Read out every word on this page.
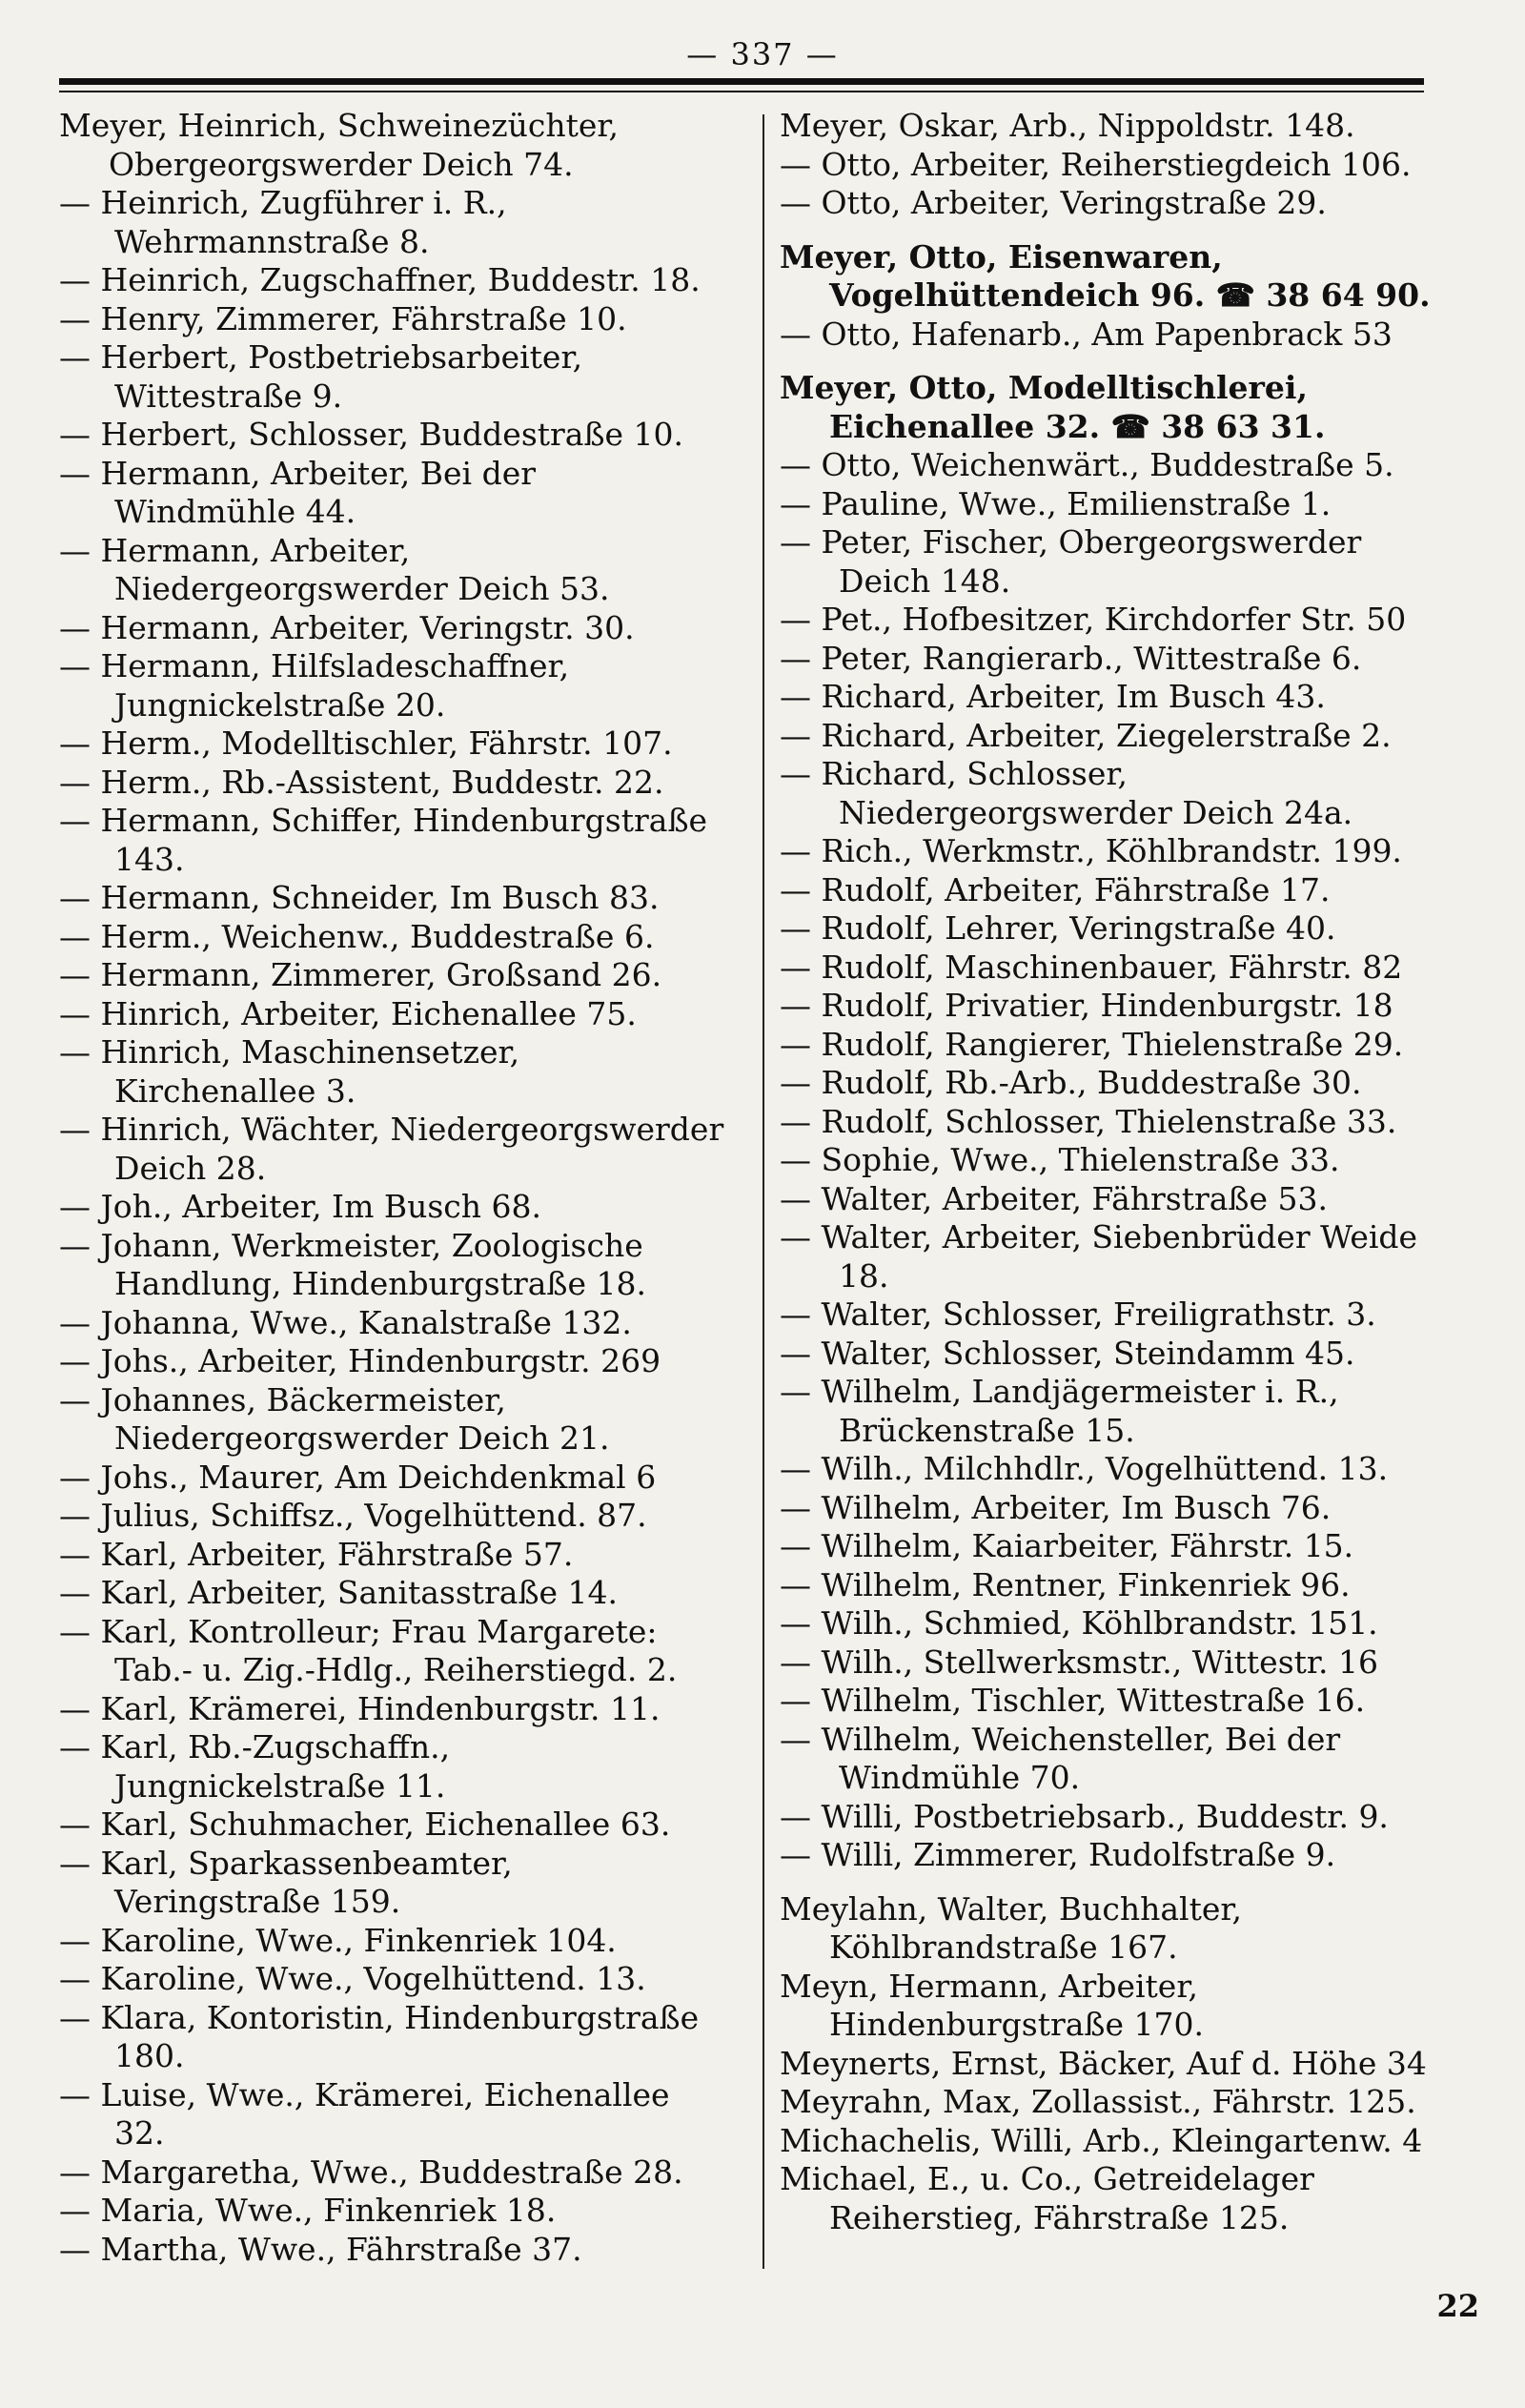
— 337 —
Meyer, Heinrich, Schweinezüchter, Obergeorgswerder Deich 74.
— Heinrich, Zugführer i. R., Wehrmannstraße 8.
— Heinrich, Zugschaffner, Buddestr. 18.
— Henry, Zimmerer, Fährstraße 10.
— Herbert, Postbetriebsarbeiter, Wittestraße 9.
— Herbert, Schlosser, Buddestraße 10.
— Hermann, Arbeiter, Bei der Windmühle 44.
— Hermann, Arbeiter, Niedergeorgswerder Deich 53.
— Hermann, Arbeiter, Veringstr. 30.
— Hermann, Hilfsladeschaffner, Jungnickelstraße 20.
— Herm., Modelltischler, Fährstr. 107.
— Herm., Rb.-Assistent, Buddestr. 22.
— Hermann, Schiffer, Hindenburgstraße 143.
— Hermann, Schneider, Im Busch 83.
— Herm., Weichenw., Buddestraße 6.
— Hermann, Zimmerer, Großsand 26.
— Hinrich, Arbeiter, Eichenallee 75.
— Hinrich, Maschinensetzer, Kirchenallee 3.
— Hinrich, Wächter, Niedergeorgswerder Deich 28.
— Joh., Arbeiter, Im Busch 68.
— Johann, Werkmeister, Zoologische Handlung, Hindenburgstraße 18.
— Johanna, Wwe., Kanalstraße 132.
— Johs., Arbeiter, Hindenburgstr. 269
— Johannes, Bäckermeister, Niedergeorgswerder Deich 21.
— Johs., Maurer, Am Deichdenkmal 6
— Julius, Schiffsz., Vogelhüttend. 87.
— Karl, Arbeiter, Fährstraße 57.
— Karl, Arbeiter, Sanitasstraße 14.
— Karl, Kontrolleur; Frau Margarete: Tab.- u. Zig.-Hdlg., Reiherstiegd. 2.
— Karl, Krämerei, Hindenburgstr. 11.
— Karl, Rb.-Zugschaffn., Jungnickelstraße 11.
— Karl, Schuhmacher, Eichenallee 63.
— Karl, Sparkassenbeamter, Veringstraße 159.
— Karoline, Wwe., Finkenriek 104.
— Karoline, Wwe., Vogelhüttend. 13.
— Klara, Kontoristin, Hindenburgstraße 180.
— Luise, Wwe., Krämerei, Eichenallee 32.
— Margaretha, Wwe., Buddestraße 28.
— Maria, Wwe., Finkenriek 18.
— Martha, Wwe., Fährstraße 37.
Meyer, Oskar, Arb., Nippoldstr. 148.
— Otto, Arbeiter, Reiherstiegdeich 106.
— Otto, Arbeiter, Veringstraße 29.
Meyer, Otto, Eisenwaren, Vogelhüttendeich 96. ☎ 38 64 90.
— Otto, Hafenarb., Am Papenbrack 53
Meyer, Otto, Modelltischlerei, Eichenallee 32. ☎ 38 63 31.
— Otto, Weichenwärt., Buddestraße 5.
— Pauline, Wwe., Emilienstraße 1.
— Peter, Fischer, Obergeorgswerder Deich 148.
— Pet., Hofbesitzer, Kirchdorfer Str. 50
— Peter, Rangierarb., Wittestraße 6.
— Richard, Arbeiter, Im Busch 43.
— Richard, Arbeiter, Ziegelerstraße 2.
— Richard, Schlosser, Niedergeorgswerder Deich 24a.
— Rich., Werkmstr., Köhlbrandstr. 199.
— Rudolf, Arbeiter, Fährstraße 17.
— Rudolf, Lehrer, Veringstraße 40.
— Rudolf, Maschinenbauer, Fährstr. 82
— Rudolf, Privatier, Hindenburgstr. 18
— Rudolf, Rangierer, Thielenstraße 29.
— Rudolf, Rb.-Arb., Buddestraße 30.
— Rudolf, Schlosser, Thielenstraße 33.
— Sophie, Wwe., Thielenstraße 33.
— Walter, Arbeiter, Fährstraße 53.
— Walter, Arbeiter, Siebenbrüder Weide 18.
— Walter, Schlosser, Freiligrathstr. 3.
— Walter, Schlosser, Steindamm 45.
— Wilhelm, Landjägermeister i. R., Brückenstraße 15.
— Wilh., Milchhdlr., Vogelhüttend. 13.
— Wilhelm, Arbeiter, Im Busch 76.
— Wilhelm, Kaiarbeiter, Fährstr. 15.
— Wilhelm, Rentner, Finkenriek 96.
— Wilh., Schmied, Köhlbrandstr. 151.
— Wilh., Stellwerksmstr., Wittestr. 16
— Wilhelm, Tischler, Wittestraße 16.
— Wilhelm, Weichensteller, Bei der Windmühle 70.
— Willi, Postbetriebsarb., Buddestr. 9.
— Willi, Zimmerer, Rudolfstraße 9.
Meylahn, Walter, Buchhalter, Köhlbrandstraße 167.
Meyn, Hermann, Arbeiter, Hindenburgstraße 170.
Meynerts, Ernst, Bäcker, Auf d. Höhe 34
Meyrahn, Max, Zollassist., Fährstr. 125.
Michachelis, Willi, Arb., Kleingartenw. 4
Michael, E., u. Co., Getreidelager Reiherstieg, Fährstraße 125.
22
